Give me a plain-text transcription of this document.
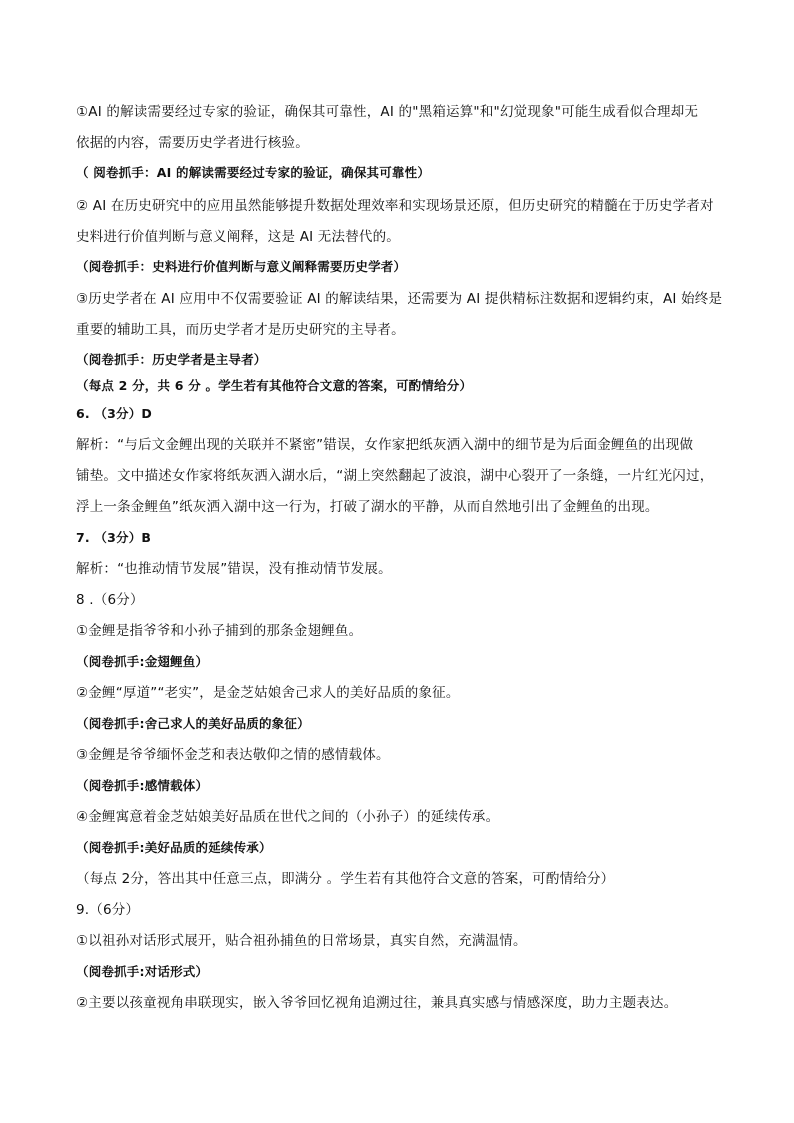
①AI 的解读需要经过专家的验证，确保其可靠性，AI 的"黑箱运算"和"幻觉现象"可能生成看似合理却无
依据的内容，需要历史学者进行核验。
（ 阅卷抓手：AI 的解读需要经过专家的验证，确保其可靠性）
② AI 在历史研究中的应用虽然能够提升数据处理效率和实现场景还原，但历史研究的精髓在于历史学者对
史料进行价值判断与意义阐释，这是 AI 无法替代的。
（阅卷抓手：史料进行价值判断与意义阐释需要历史学者）
③历史学者在 AI 应用中不仅需要验证 AI 的解读结果，还需要为 AI 提供精标注数据和逻辑约束，AI 始终是
重要的辅助工具，而历史学者才是历史研究的主导者。
（阅卷抓手：历史学者是主导者）
（每点 2 分，共 6 分 。学生若有其他符合文意的答案，可酌情给分）
6. （3分）D
解析：“与后文金鲤出现的关联并不紧密”错误，女作家把纸灰洒入湖中的细节是为后面金鲤鱼的出现做
铺垫。文中描述女作家将纸灰洒入湖水后，“湖上突然翻起了波浪，湖中心裂开了一条缝，一片红光闪过，
浮上一条金鲤鱼”纸灰洒入湖中这一行为，打破了湖水的平静，从而自然地引出了金鲤鱼的出现。
7. （3分）B
解析：“也推动情节发展”错误，没有推动情节发展。
8 .（6分）
①金鲤是指爷爷和小孙子捕到的那条金翅鲤鱼。
（阅卷抓手:金翅鲤鱼）
②金鲤“厚道”“老实”，是金芝姑娘舍己求人的美好品质的象征。
（阅卷抓手:舍己求人的美好品质的象征）
③金鲤是爷爷缅怀金芝和表达敬仰之情的感情载体。
（阅卷抓手:感情载体）
④金鲤寓意着金芝姑娘美好品质在世代之间的（小孙子）的延续传承。
（阅卷抓手:美好品质的延续传承）
（每点 2分，答出其中任意三点，即满分 。学生若有其他符合文意的答案，可酌情给分）
9.（6分）
①以祖孙对话形式展开，贴合祖孙捕鱼的日常场景，真实自然，充满温情。
（阅卷抓手:对话形式）
②主要以孩童视角串联现实，嵌入爷爷回忆视角追溯过往，兼具真实感与情感深度，助力主题表达。
